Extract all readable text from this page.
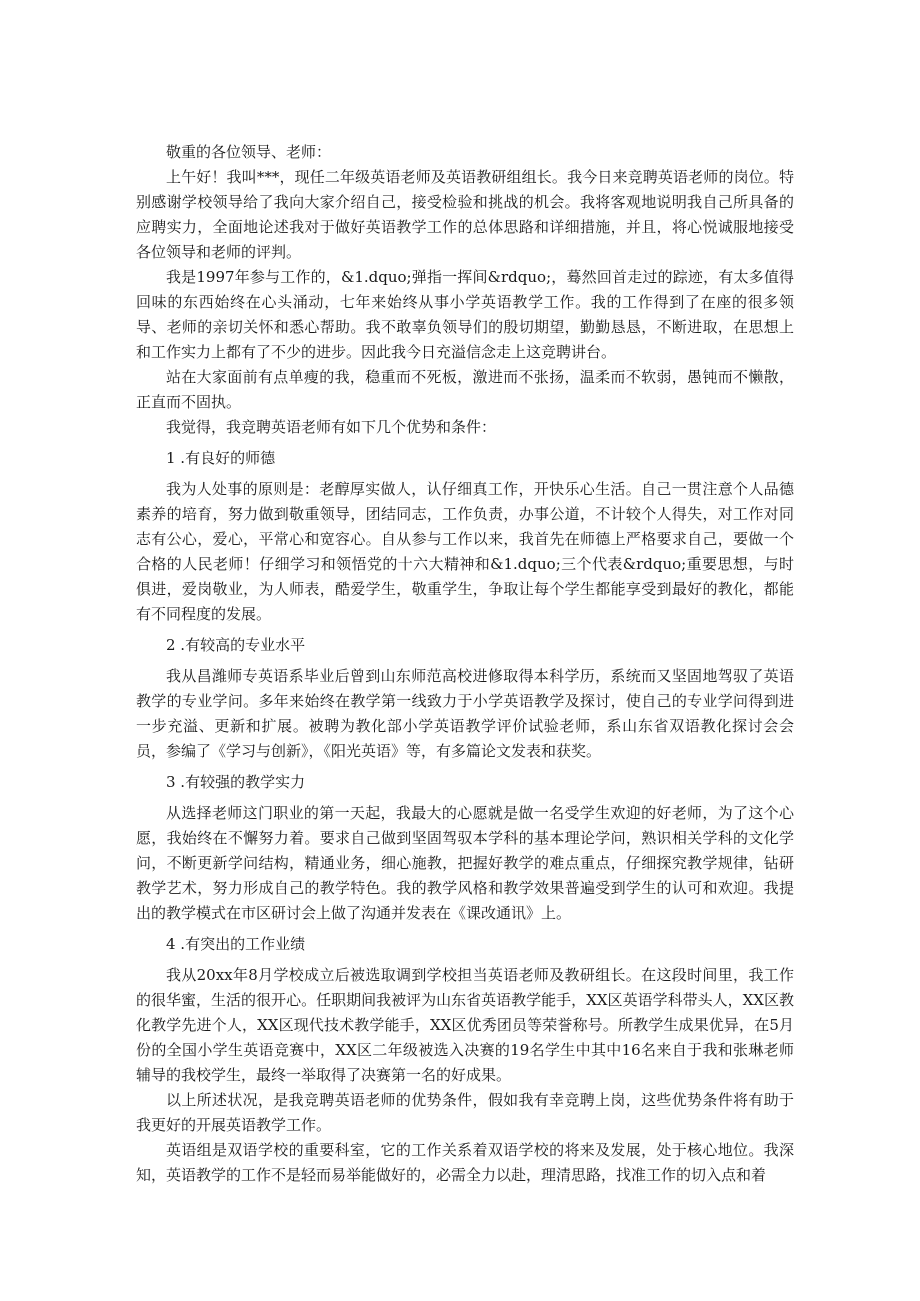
敬重的各位领导、老师：

上午好！我叫***，现任二年级英语老师及英语教研组组长。我今日来竞聘英语老师的岗位。特别感谢学校领导给了我向大家介绍自己，接受检验和挑战的机会。我将客观地说明我自己所具备的应聘实力，全面地论述我对于做好英语教学工作的总体思路和详细措施，并且，将心悦诚服地接受各位领导和老师的评判。

我是1997年参与工作的，&1.dquo;弹指一挥间&rdquo;，蓦然回首走过的踪迹，有太多值得回味的东西始终在心头涌动，七年来始终从事小学英语教学工作。我的工作得到了在座的很多领导、老师的亲切关怀和悉心帮助。我不敢辜负领导们的殷切期望，勤勤恳恳，不断进取，在思想上和工作实力上都有了不少的进步。因此我今日充溢信念走上这竞聘讲台。

站在大家面前有点单瘦的我，稳重而不死板，激进而不张扬，温柔而不软弱，愚钝而不懒散，正直而不固执。

我觉得，我竞聘英语老师有如下几个优势和条件：

1 .有良好的师德

我为人处事的原则是：老醇厚实做人，认仔细真工作，开快乐心生活。自己一贯注意个人品德素养的培育，努力做到敬重领导，团结同志，工作负责，办事公道，不计较个人得失，对工作对同志有公心，爱心，平常心和宽容心。自从参与工作以来，我首先在师德上严格要求自己，要做一个合格的人民老师！仔细学习和领悟党的十六大精神和&1.dquo;三个代表&rdquo;重要思想，与时俱进，爱岗敬业，为人师表，酷爱学生，敬重学生，争取让每个学生都能享受到最好的教化，都能有不同程度的发展。

2 .有较高的专业水平

我从昌潍师专英语系毕业后曾到山东师范高校进修取得本科学历，系统而又坚固地驾驭了英语教学的专业学问。多年来始终在教学第一线致力于小学英语教学及探讨，使自己的专业学问得到进一步充溢、更新和扩展。被聘为教化部小学英语教学评价试验老师，系山东省双语教化探讨会会员，参编了《学习与创新》，《阳光英语》等，有多篇论文发表和获奖。

3 .有较强的教学实力

从选择老师这门职业的第一天起，我最大的心愿就是做一名受学生欢迎的好老师，为了这个心愿，我始终在不懈努力着。要求自己做到坚固驾驭本学科的基本理论学问，熟识相关学科的文化学问，不断更新学问结构，精通业务，细心施教，把握好教学的难点重点，仔细探究教学规律，钻研教学艺术，努力形成自己的教学特色。我的教学风格和教学效果普遍受到学生的认可和欢迎。我提出的教学模式在市区研讨会上做了沟通并发表在《课改通讯》上。

4 .有突出的工作业绩

我从20xx年8月学校成立后被选取调到学校担当英语老师及教研组长。在这段时间里，我工作的很华蜜，生活的很开心。任职期间我被评为山东省英语教学能手，XX区英语学科带头人，XX区教化教学先进个人，XX区现代技术教学能手，XX区优秀团员等荣誉称号。所教学生成果优异，在5月份的全国小学生英语竞赛中，XX区二年级被选入决赛的19名学生中其中16名来自于我和张琳老师辅导的我校学生，最终一举取得了决赛第一名的好成果。

以上所述状况，是我竞聘英语老师的优势条件，假如我有幸竞聘上岗，这些优势条件将有助于我更好的开展英语教学工作。

英语组是双语学校的重要科室，它的工作关系着双语学校的将来及发展，处于核心地位。我深知，英语教学的工作不是轻而易举能做好的，必需全力以赴，理清思路，找准工作的切入点和着
